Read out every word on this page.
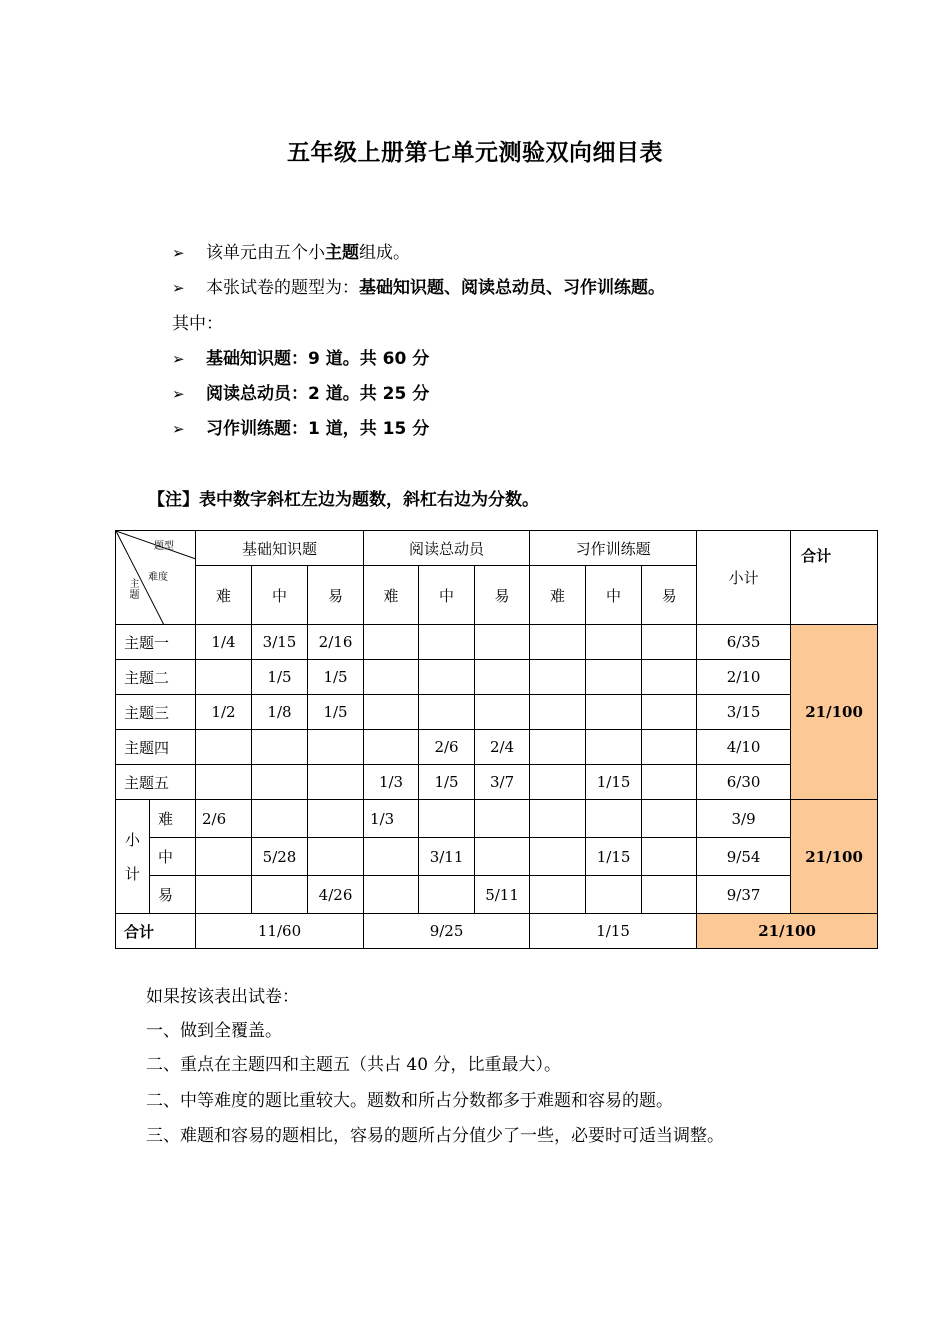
五年级上册第七单元测验双向细目表
➢ 该单元由五个小主题组成。
➢ 本张试卷的题型为：基础知识题、阅读总动员、习作训练题。
其中：
➢ 基础知识题：9 道。共 60 分
➢ 阅读总动员：2 道。共 25 分
➢ 习作训练题：1 道，共 15 分
【注】表中数字斜杠左边为题数，斜杠右边为分数。
题型
难度
主题		基础知识题			阅读总动员			习作训练题			小计	合计
		难	中	易	难	中	易	难	中	易		
主题一		1/4	3/15	2/16							6/35	21/100
主题二			1/5	1/5							2/10	
主题三		1/2	1/8	1/5							3/15	
主题四						2/6	2/4				4/10	
主题五					1/3	1/5	3/7		1/15		6/30	
小计	难	2/6			1/3						3/9	21/100
	中		5/28			3/11			1/15		9/54	
	易			4/26			5/11				9/37	
合计		11/60			9/25			1/15			21/100	
如果按该表出试卷：
一、做到全覆盖。
二、重点在主题四和主题五（共占 40 分，比重最大）。
二、中等难度的题比重较大。题数和所占分数都多于难题和容易的题。
三、难题和容易的题相比，容易的题所占分值少了一些，必要时可适当调整。
